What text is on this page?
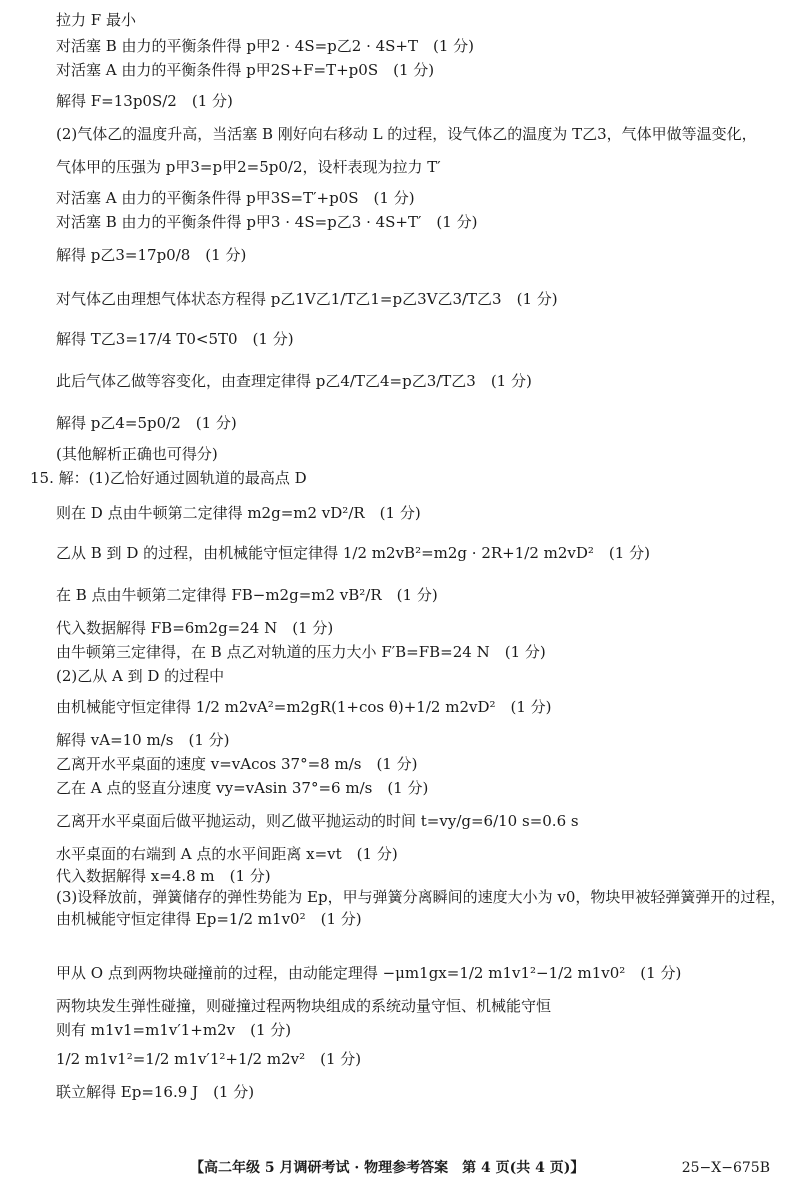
拉力 F 最小
对活塞 B 由力的平衡条件得 p甲2 · 4S=p乙2 · 4S+T　(1 分)
对活塞 A 由力的平衡条件得 p甲2S+F=T+p0S　(1 分)
解得 F=13p0S/2　(1 分)
(2)气体乙的温度升高，当活塞 B 刚好向右移动 L 的过程，设气体乙的温度为 T乙3，气体甲做等温变化，
气体甲的压强为 p甲3=p甲2=5p0/2，设杆表现为拉力 T′
对活塞 A 由力的平衡条件得 p甲3S=T′+p0S　(1 分)
对活塞 B 由力的平衡条件得 p甲3 · 4S=p乙3 · 4S+T′　(1 分)
解得 p乙3=17p0/8　(1 分)
对气体乙由理想气体状态方程得 p乙1V乙1/T乙1=p乙3V乙3/T乙3　(1 分)
解得 T乙3=17/4 T0<5T0　(1 分)
此后气体乙做等容变化，由查理定律得 p乙4/T乙4=p乙3/T乙3　(1 分)
解得 p乙4=5p0/2　(1 分)
(其他解析正确也可得分)
15. 解：(1)乙恰好通过圆轨道的最高点 D
则在 D 点由牛顿第二定律得 m2g=m2 vD²/R　(1 分)
乙从 B 到 D 的过程，由机械能守恒定律得 1/2 m2vB²=m2g · 2R+1/2 m2vD²　(1 分)
在 B 点由牛顿第二定律得 FB−m2g=m2 vB²/R　(1 分)
代入数据解得 FB=6m2g=24 N　(1 分)
由牛顿第三定律得，在 B 点乙对轨道的压力大小 F′B=FB=24 N　(1 分)
(2)乙从 A 到 D 的过程中
由机械能守恒定律得 1/2 m2vA²=m2gR(1+cos θ)+1/2 m2vD²　(1 分)
解得 vA=10 m/s　(1 分)
乙离开水平桌面的速度 v=vAcos 37°=8 m/s　(1 分)
乙在 A 点的竖直分速度 vy=vAsin 37°=6 m/s　(1 分)
乙离开水平桌面后做平抛运动，则乙做平抛运动的时间 t=vy/g=6/10 s=0.6 s
水平桌面的右端到 A 点的水平间距离 x=vt　(1 分)
代入数据解得 x=4.8 m　(1 分)
(3)设释放前，弹簧储存的弹性势能为 Ep，甲与弹簧分离瞬间的速度大小为 v0，物块甲被轻弹簧弹开的过程，由机械能守恒定律得 Ep=1/2 m1v0²　(1 分)
甲从 O 点到两物块碰撞前的过程，由动能定理得 −μm1gx=1/2 m1v1²−1/2 m1v0²　(1 分)
两物块发生弹性碰撞，则碰撞过程两物块组成的系统动量守恒、机械能守恒
则有 m1v1=m1v′1+m2v　(1 分)
1/2 m1v1²=1/2 m1v′1²+1/2 m2v²　(1 分)
联立解得 Ep=16.9 J　(1 分)
【高二年级 5 月调研考试 · 物理参考答案　第 4 页(共 4 页)】	25−X−675B
